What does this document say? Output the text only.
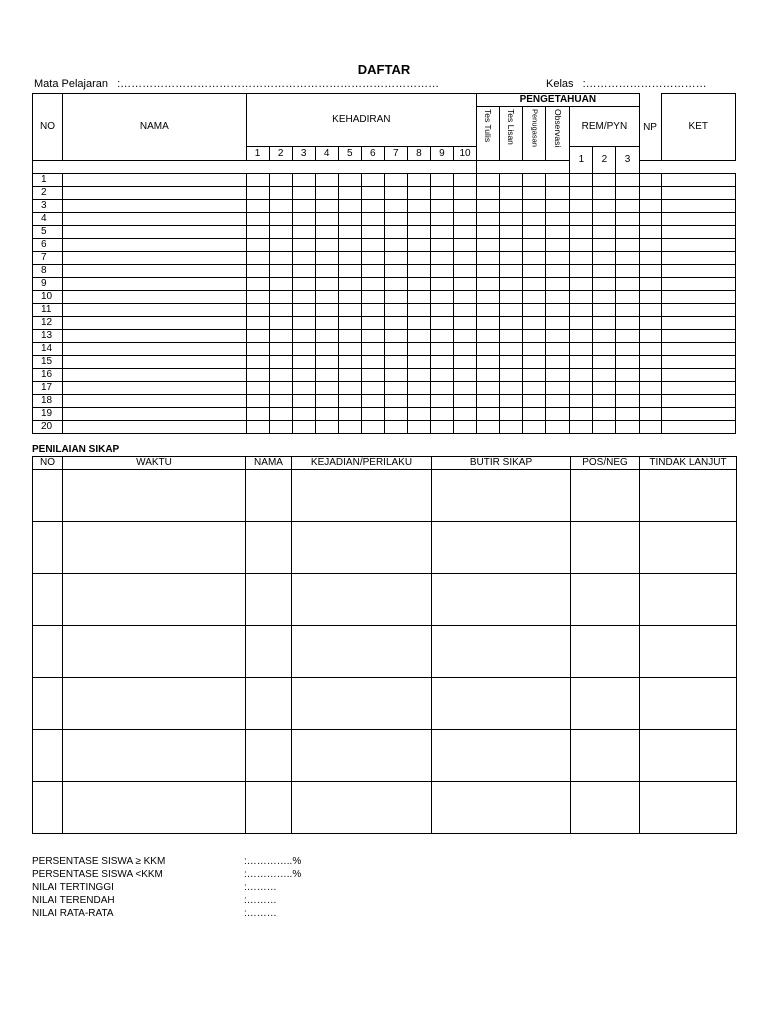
DAFTAR
Mata Pelajaran :……………………………………………………………………………	Kelas :……………………………
NO	NAMA	KEHADIRAN										PENGETAHUAN							NP	KET
												Tes Tulis	Tes Lisan	Penugasan	Observasi	REM/PYN				
		1	2	3	4	5	6	7	8	9	10					1	2	3		

1																				
2																				
3																				
4																				
5																				
6																				
7																				
8																				
9																				
10																				
11																				
12																				
13																				
14																				
15																				
16																				
17																				
18																				
19																				
20																				
PENILAIAN SIKAP
NO	WAKTU	NAMA	KEJADIAN/PERILAKU	BUTIR SIKAP	POS/NEG	TINDAK LANJUT

PERSENTASE SISWA ≥ KKM	:…………..%
PERSENTASE SISWA <KKM	:…………..%
NILAI TERTINGGI	:………
NILAI TERENDAH	:………
NILAI RATA-RATA	:………
